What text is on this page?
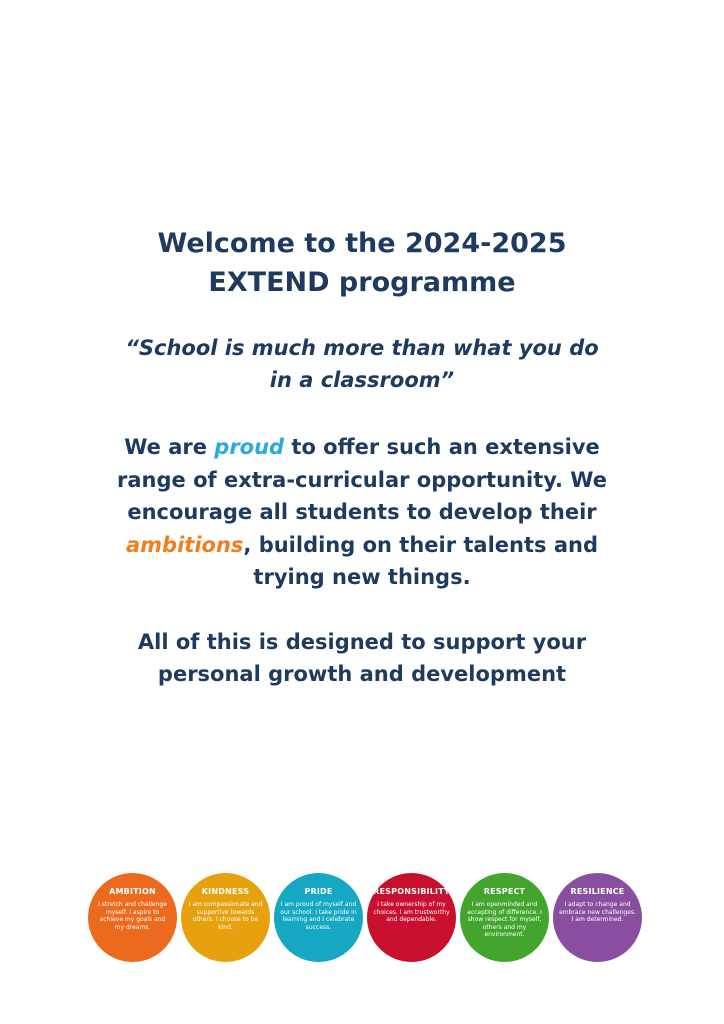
Welcome to the 2024-2025
EXTEND programme
“School is much more than what you do
in a classroom”
We are proud to offer such an extensive range of extra-curricular opportunity. We encourage all students to develop their ambitions, building on their talents and trying new things.
All of this is designed to support your personal growth and development
AMBITION
I stretch and challenge myself. I aspire to achieve my goals and my dreams.
KINDNESS
I am compassionate and supportive towards others. I choose to be kind.
PRIDE
I am proud of myself and our school. I take pride in learning and I celebrate success.
RESPONSIBILITY
I take ownership of my choices. I am trustworthy and dependable.
RESPECT
I am openminded and accepting of difference. I show respect for myself, others and my environment.
RESILIENCE
I adapt to change and embrace new challenges. I am determined.
